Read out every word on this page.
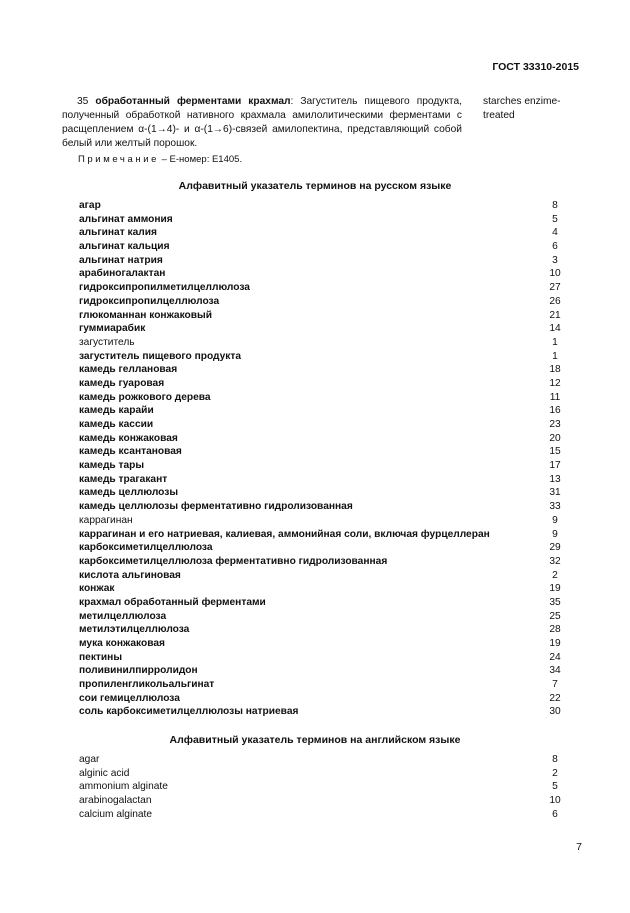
ГОСТ 33310-2015
35 обработанный ферментами крахмал: Загуститель пищевого продукта, полученный обработкой нативного крахмала амилолитическими ферментами с расщеплением α-(1→4)- и α-(1→6)-связей амилопектина, представляющий собой белый или желтый порошок.
starches enzime-treated
Примечание – Е-номер: Е1405.
Алфавитный указатель терминов на русском языке
агар	8
альгинат аммония	5
альгинат калия	4
альгинат кальция	6
альгинат натрия	3
арабиногалактан	10
гидроксипропилметилцеллюлоза	27
гидроксипропилцеллюлоза	26
глюкоманнан конжаковый	21
гуммиарабик	14
загуститель	1
загуститель пищевого продукта	1
камедь геллановая	18
камедь гуаровая	12
камедь рожкового дерева	11
камедь карайи	16
камедь кассии	23
камедь конжаковая	20
камедь ксантановая	15
камедь тары	17
камедь трагакант	13
камедь целлюлозы	31
камедь целлюлозы ферментативно гидролизованная	33
каррагинан	9
каррагинан и его натриевая, калиевая, аммонийная соли, включая фурцеллеран	9
карбоксиметилцеллюлоза	29
карбоксиметилцеллюлоза ферментативно гидролизованная	32
кислота альгиновая	2
конжак	19
крахмал обработанный ферментами	35
метилцеллюлоза	25
метилэтилцеллюлоза	28
мука конжаковая	19
пектины	24
поливинилпирролидон	34
пропиленгликольальгинат	7
сои гемицеллюлоза	22
соль карбоксиметилцеллюлозы натриевая	30
Алфавитный указатель терминов на английском языке
agar	8
alginic acid	2
ammonium alginate	5
arabinogalactan	10
calcium alginate	6
7
